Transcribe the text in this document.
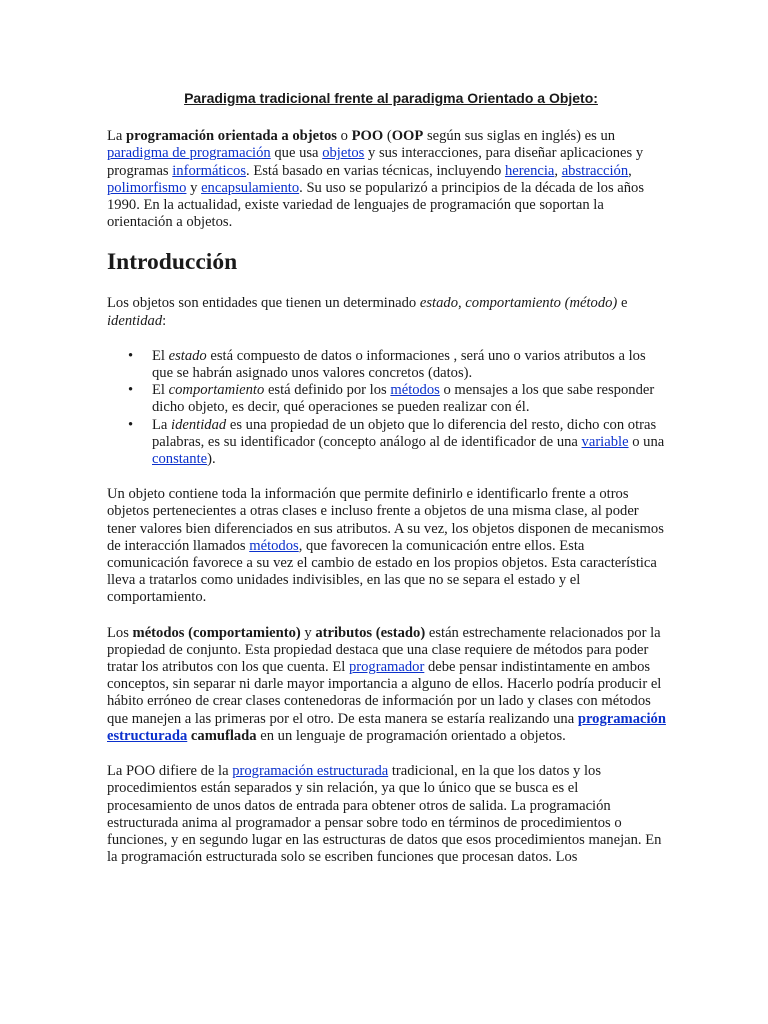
Paradigma tradicional frente al paradigma Orientado a Objeto:

La programación orientada a objetos o POO (OOP según sus siglas en inglés) es un paradigma de programación que usa objetos y sus interacciones, para diseñar aplicaciones y programas informáticos. Está basado en varias técnicas, incluyendo herencia, abstracción, polimorfismo y encapsulamiento. Su uso se popularizó a principios de la década de los años 1990. En la actualidad, existe variedad de lenguajes de programación que soportan la orientación a objetos.

Introducción

Los objetos son entidades que tienen un determinado estado, comportamiento (método) e identidad:

• El estado está compuesto de datos o informaciones , será uno o varios atributos a los que se habrán asignado unos valores concretos (datos).
• El comportamiento está definido por los métodos o mensajes a los que sabe responder dicho objeto, es decir, qué operaciones se pueden realizar con él.
• La identidad es una propiedad de un objeto que lo diferencia del resto, dicho con otras palabras, es su identificador (concepto análogo al de identificador de una variable o una constante).

Un objeto contiene toda la información que permite definirlo e identificarlo frente a otros objetos pertenecientes a otras clases e incluso frente a objetos de una misma clase, al poder tener valores bien diferenciados en sus atributos. A su vez, los objetos disponen de mecanismos de interacción llamados métodos, que favorecen la comunicación entre ellos. Esta comunicación favorece a su vez el cambio de estado en los propios objetos. Esta característica lleva a tratarlos como unidades indivisibles, en las que no se separa el estado y el comportamiento.

Los métodos (comportamiento) y atributos (estado) están estrechamente relacionados por la propiedad de conjunto. Esta propiedad destaca que una clase requiere de métodos para poder tratar los atributos con los que cuenta. El programador debe pensar indistintamente en ambos conceptos, sin separar ni darle mayor importancia a alguno de ellos. Hacerlo podría producir el hábito erróneo de crear clases contenedoras de información por un lado y clases con métodos que manejen a las primeras por el otro. De esta manera se estaría realizando una programación estructurada camuflada en un lenguaje de programación orientado a objetos.

La POO difiere de la programación estructurada tradicional, en la que los datos y los procedimientos están separados y sin relación, ya que lo único que se busca es el procesamiento de unos datos de entrada para obtener otros de salida. La programación estructurada anima al programador a pensar sobre todo en términos de procedimientos o funciones, y en segundo lugar en las estructuras de datos que esos procedimientos manejan. En la programación estructurada solo se escriben funciones que procesan datos. Los
